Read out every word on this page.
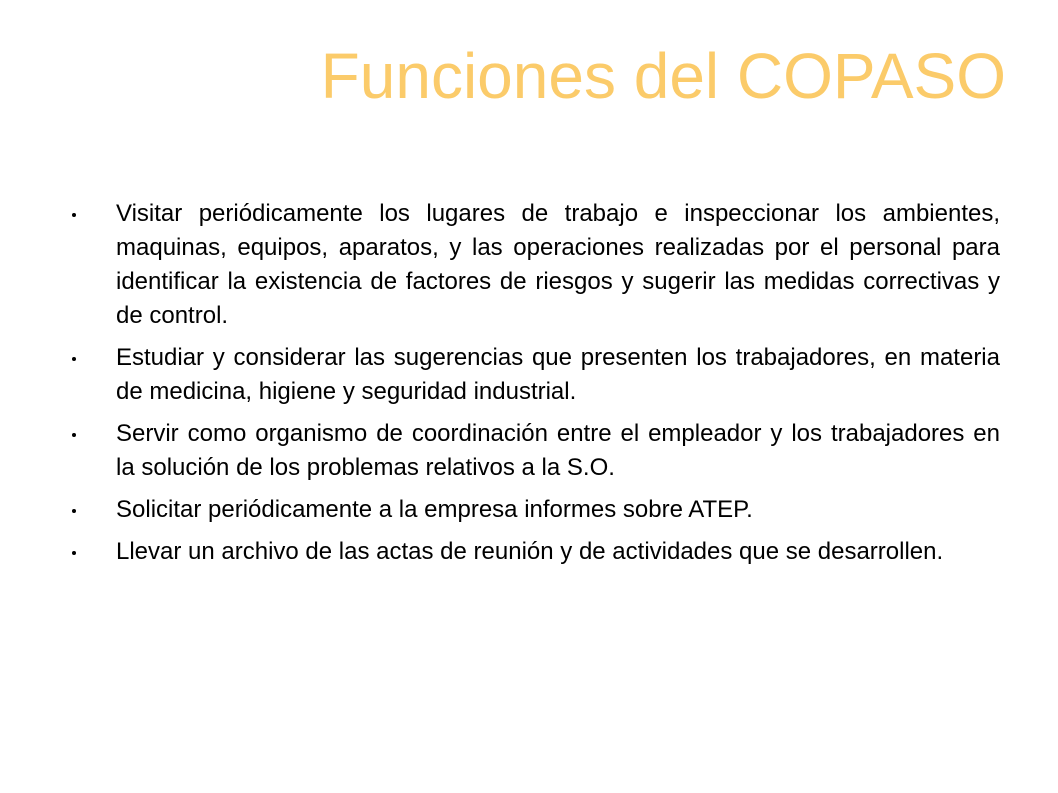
Funciones del COPASO
Visitar periódicamente los lugares de trabajo e inspeccionar los ambientes, maquinas, equipos, aparatos, y las operaciones realizadas por el personal para identificar la existencia de factores de riesgos y sugerir las medidas correctivas y de control.
Estudiar y considerar las sugerencias que presenten los trabajadores, en materia de medicina, higiene y seguridad industrial.
Servir como organismo de coordinación entre el empleador y los trabajadores en la solución de los problemas relativos a la S.O.
Solicitar periódicamente a la empresa informes sobre ATEP.
Llevar un archivo de las actas de reunión y de actividades que se desarrollen.
